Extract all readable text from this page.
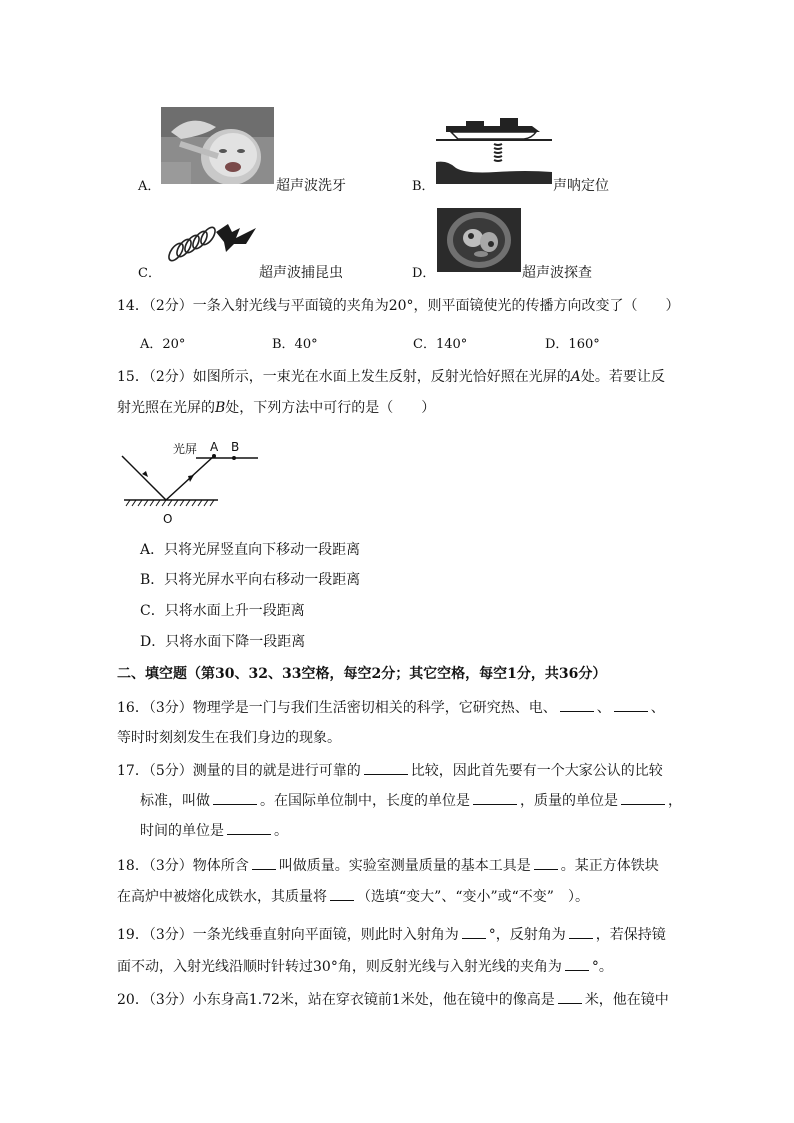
A．	超声波洗牙	B．	声呐定位
C．	超声波捕昆虫	D．	超声波探查
14．（2分）一条入射光线与平面镜的夹角为20°，则平面镜使光的传播方向改变了（　　）
A．20°	B．40°	C．140°	D．160°
15．（2分）如图所示，一束光在水面上发生反射，反射光恰好照在光屏的A处。若要让反
射光照在光屏的B处，下列方法中可行的是（　　）
光屏 A B
O
A．只将光屏竖直向下移动一段距离
B．只将光屏水平向右移动一段距离
C．只将水面上升一段距离
D．只将水面下降一段距离
二、填空题（第30、32、33空格，每空2分；其它空格，每空1分，共36分）
16．（3分）物理学是一门与我们生活密切相关的科学，它研究热、电、	、	、
等时时刻刻发生在我们身边的现象。
17．（5分）测量的目的就是进行可靠的	比较，因此首先要有一个大家公认的比较
标准，叫做	。在国际单位制中，长度的单位是	，质量的单位是	，
时间的单位是	。
18．（3分）物体所含 叫做质量。实验室测量质量的基本工具是 。某正方体铁块
在高炉中被熔化成铁水，其质量将 （选填“变大”、“变小”或“不变”　）。
19．（3分）一条光线垂直射向平面镜，则此时入射角为 °，反射角为 ，若保持镜
面不动，入射光线沿顺时针转过30°角，则反射光线与入射光线的夹角为 °。
20．（3分）小东身高1.72米，站在穿衣镜前1米处，他在镜中的像高是 米，他在镜中
